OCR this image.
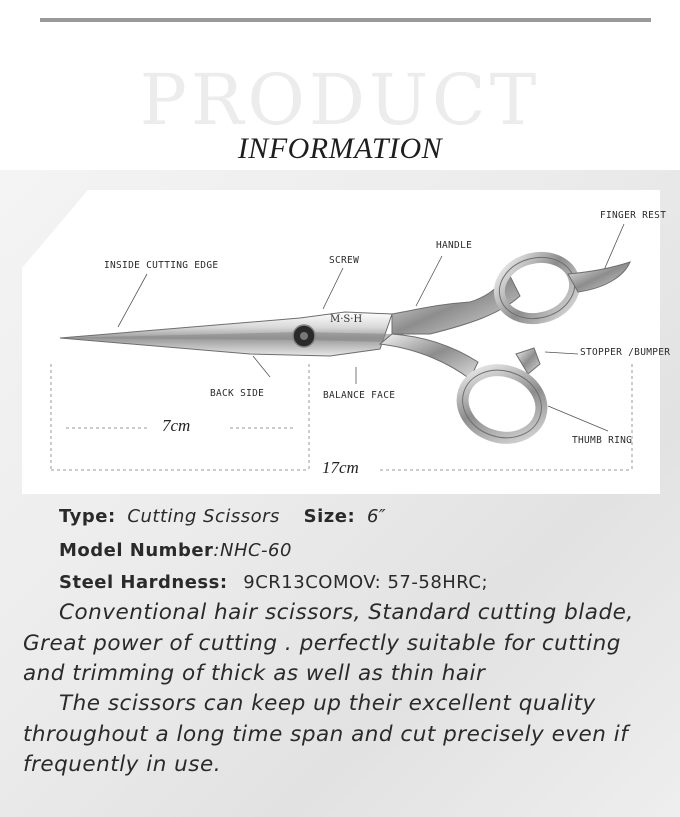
PRODUCT
INFORMATION
M·S·H
INSIDE CUTTING EDGE	SCREW
HANDLE
FINGER REST
STOPPER /BUMPER
BACK SIDE	BALANCE FACE
THUMB RING
7cm
17cm
Type: Cutting Scissors Size: 6″
Model Number:NHC-60
Steel Hardness: 9CR13COMOV: 57-58HRC;
Conventional hair scissors, Standard cutting blade,
Great power of cutting . perfectly suitable for cutting
and trimming of thick as well as thin hair
The scissors can keep up their excellent quality
throughout a long time span and cut precisely even if
frequently in use.
